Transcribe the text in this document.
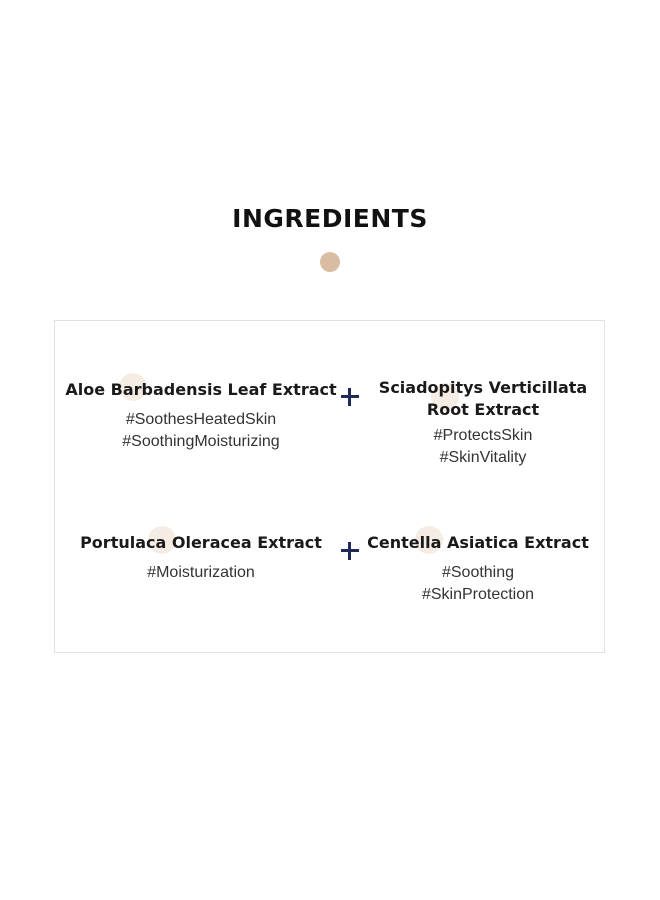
INGREDIENTS
Aloe Barbadensis Leaf Extract
#SoothesHeatedSkin
#SoothingMoisturizing
Sciadopitys Verticillata
Root Extract
#ProtectsSkin
#SkinVitality
Portulaca Oleracea Extract
#Moisturization
Centella Asiatica Extract
#Soothing
#SkinProtection
